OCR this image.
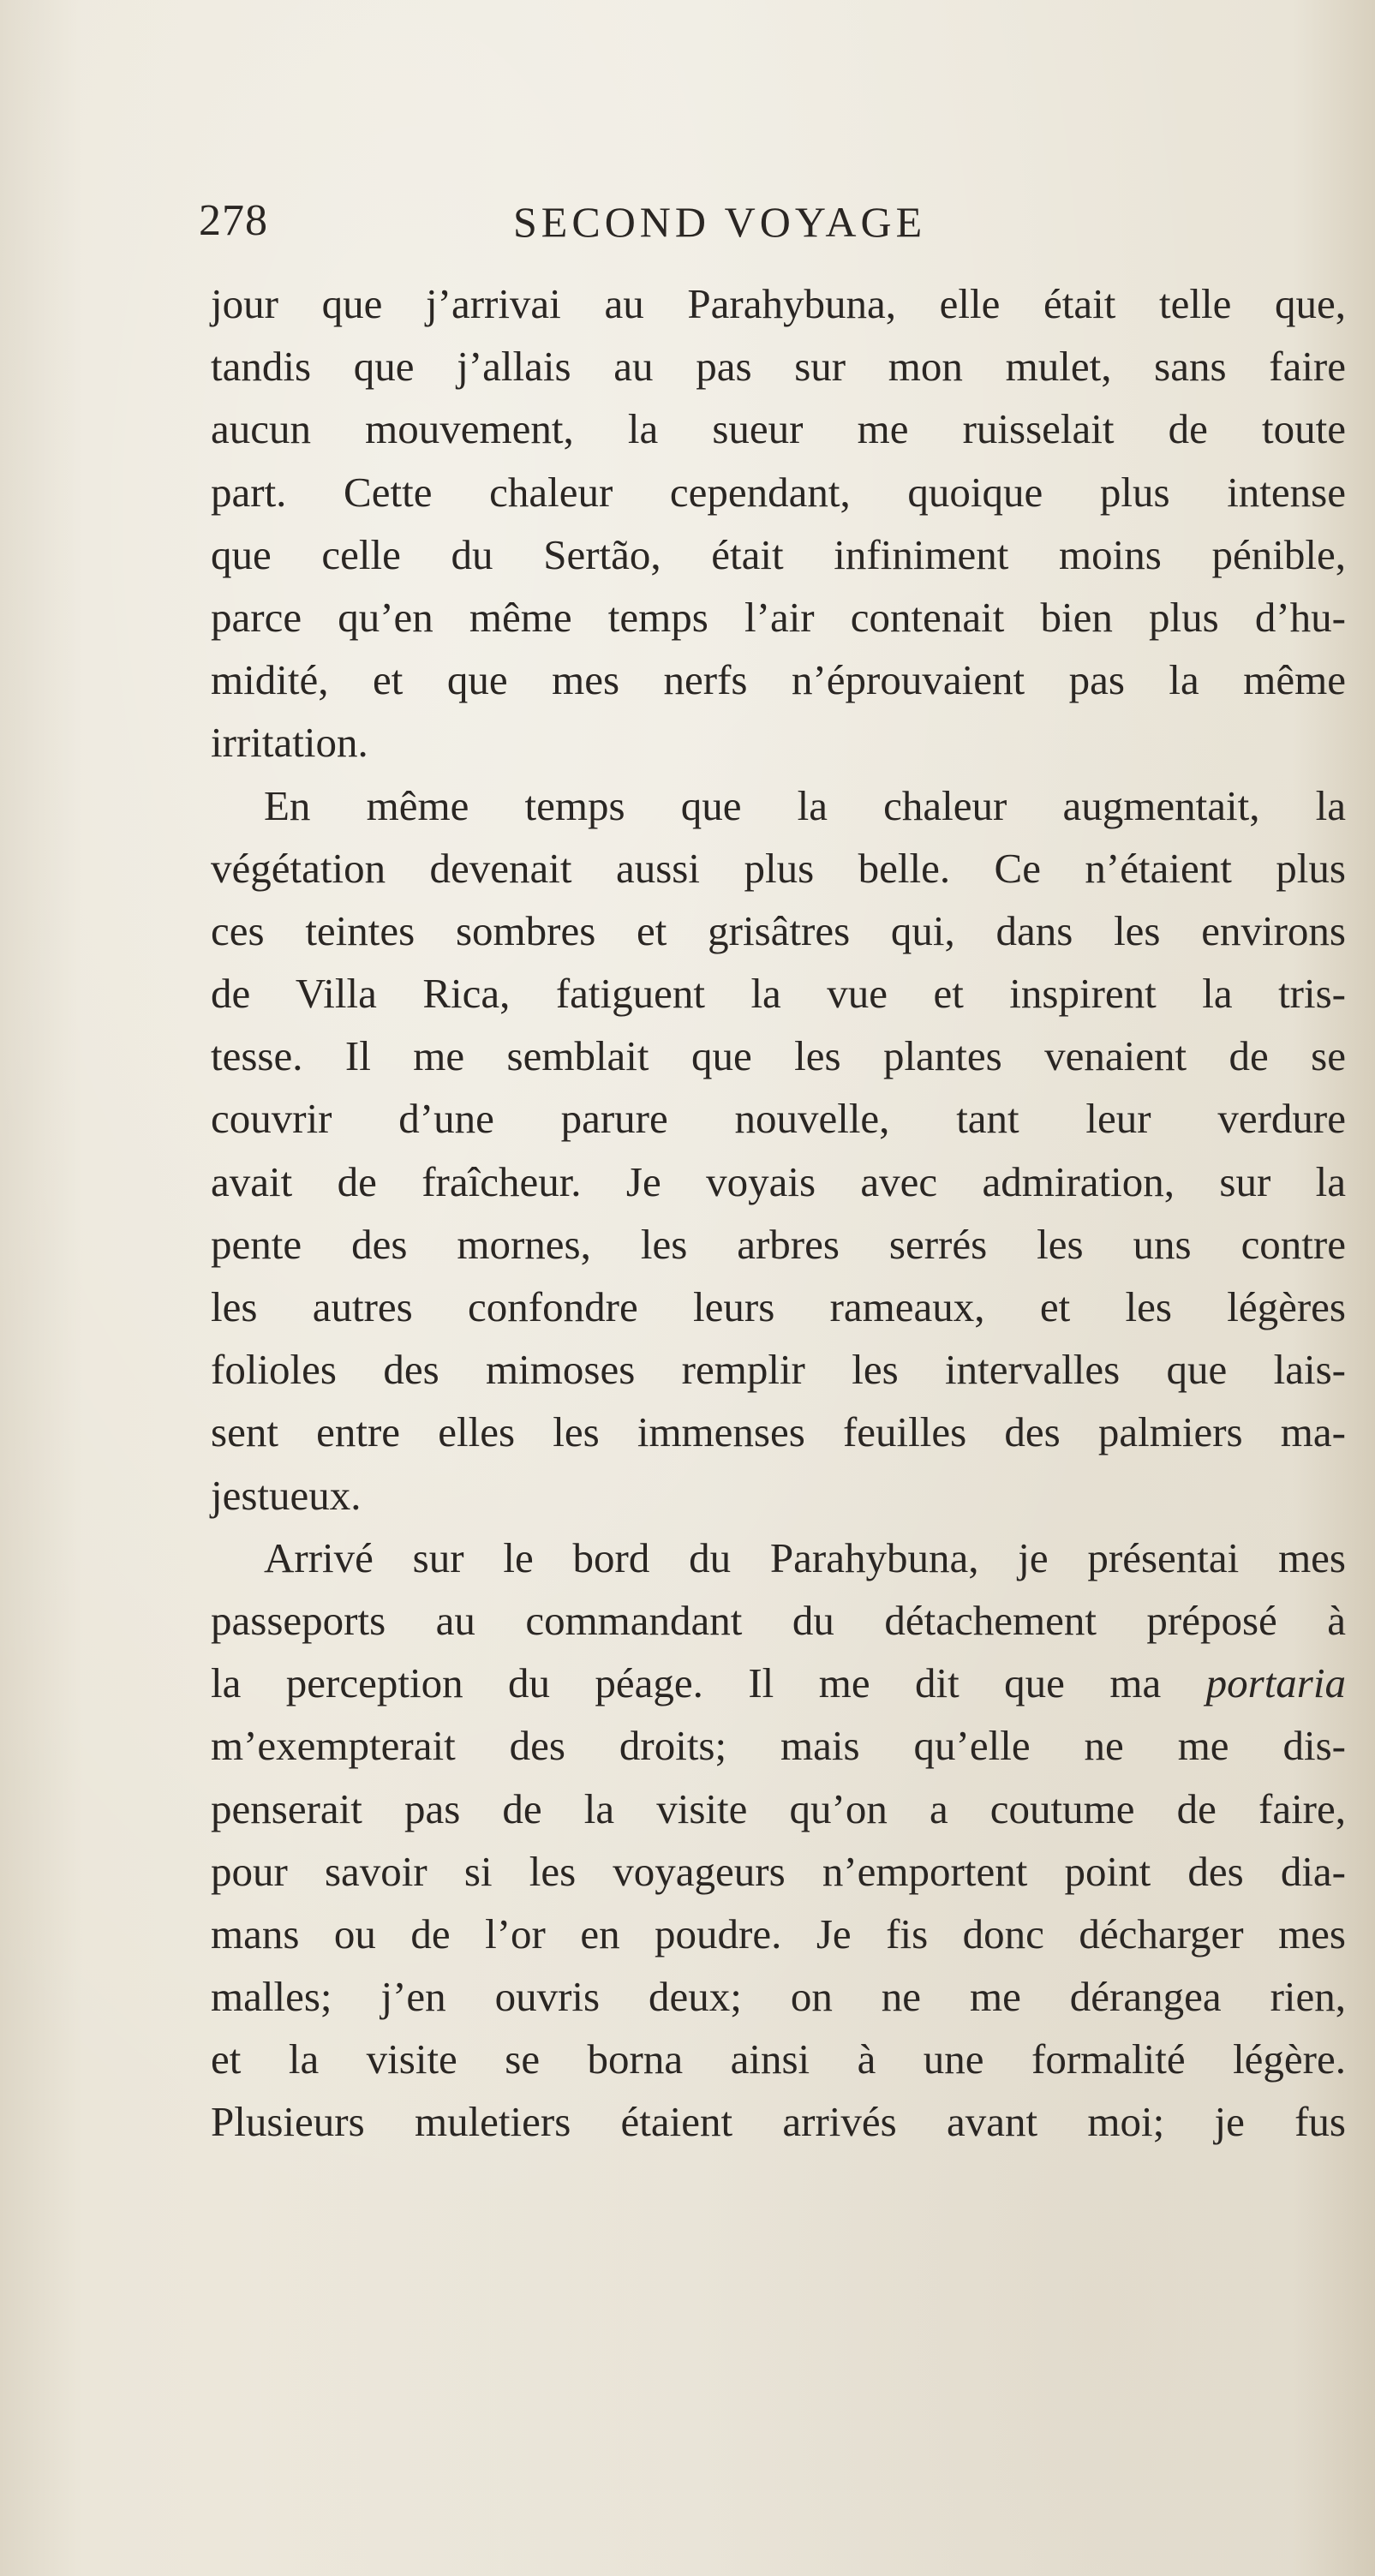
278	SECOND VOYAGE
jour que j’arrivai au Parahybuna, elle était telle que,
tandis que j’allais au pas sur mon mulet, sans faire
aucun mouvement, la sueur me ruisselait de toute
part. Cette chaleur cependant, quoique plus intense
que celle du Sertão, était infiniment moins pénible,
parce qu’en même temps l’air contenait bien plus d’hu-
midité, et que mes nerfs n’éprouvaient pas la même
irritation.
En même temps que la chaleur augmentait, la
végétation devenait aussi plus belle. Ce n’étaient plus
ces teintes sombres et grisâtres qui, dans les environs
de Villa Rica, fatiguent la vue et inspirent la tris-
tesse. Il me semblait que les plantes venaient de se
couvrir d’une parure nouvelle, tant leur verdure
avait de fraîcheur. Je voyais avec admiration, sur la
pente des mornes, les arbres serrés les uns contre
les autres confondre leurs rameaux, et les légères
folioles des mimoses remplir les intervalles que lais-
sent entre elles les immenses feuilles des palmiers ma-
jestueux.
Arrivé sur le bord du Parahybuna, je présentai mes
passeports au commandant du détachement préposé à
la perception du péage. Il me dit que ma portaria
m’exempterait des droits; mais qu’elle ne me dis-
penserait pas de la visite qu’on a coutume de faire,
pour savoir si les voyageurs n’emportent point des dia-
mans ou de l’or en poudre. Je fis donc décharger mes
malles; j’en ouvris deux; on ne me dérangea rien,
et la visite se borna ainsi à une formalité légère.
Plusieurs muletiers étaient arrivés avant moi; je fus
